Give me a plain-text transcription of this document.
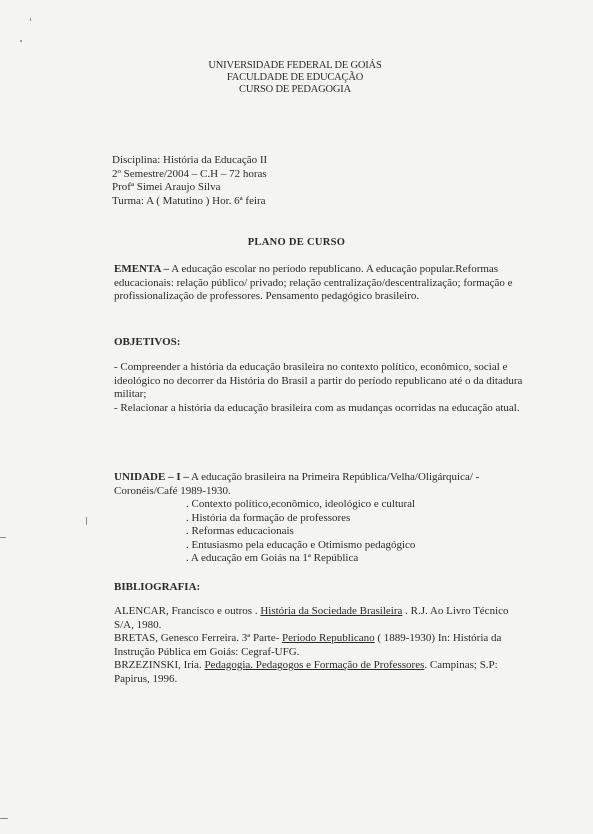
UNIVERSIDADE FEDERAL DE GOIÁS

FACULDADE DE EDUCAÇÃO

CURSO DE PEDAGOGIA

Disciplina: História da Educação II

2º Semestre/2004 – C.H – 72 horas

Profª Simei Araujo Silva

Turma: A ( Matutino ) Hor. 6ª feira

PLANO DE CURSO
EMENTA – A educação escolar no período republicano. A educação popular.Reformas educacionais: relação público/ privado; relação centralização/descentralização; formação e profissionalização de professores. Pensamento pedagógico brasileiro.
OBJETIVOS:

- Compreender a história da educação brasileira no contexto político, econômico, social e ideológico no decorrer da História do Brasil a partir do período republicano até o da ditadura militar;

- Relacionar a história da educação brasileira com as mudanças ocorridas na educação atual.

UNIDADE – I – A educação brasileira na Primeira República/Velha/Oligárquica/ - Coronéis/Café 1989-1930.

. Contexto político,econômico, ideológico e cultural

. História da formação de professores

. Reformas educacionais

. Entusiasmo pela educação e Otimismo pedagógico

. A educação em Goiás na 1ª República

BIBLIOGRAFIA:

ALENCAR, Francisco e outros . História da Sociedade Brasileira . R.J. Ao Livro Técnico S/A, 1980.

BRETAS, Genesco Ferreira. 3ª Parte- Período Republicano ( 1889-1930) In: História da Instrução Pública em Goiás: Cegraf-UFG.

BRZEZINSKI, Iria. Pedagogia. Pedagogos e Formação de Professores. Campinas; S.P: Papirus, 1996.
